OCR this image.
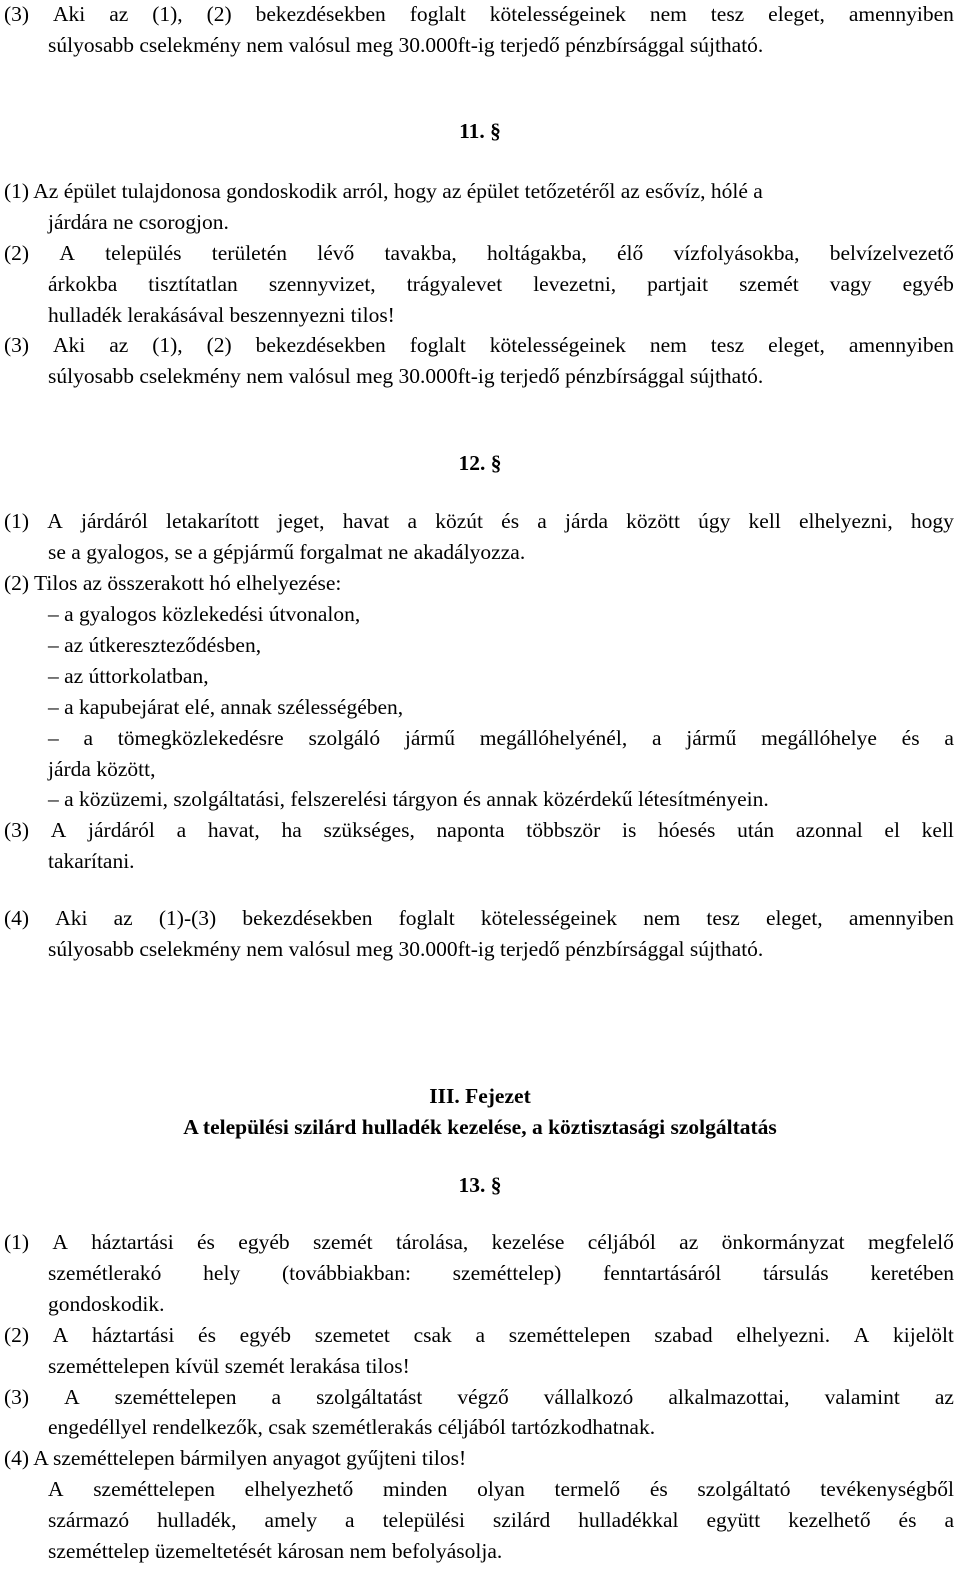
(3) Aki az (1), (2) bekezdésekben foglalt kötelességeinek nem tesz eleget, amennyiben
súlyosabb cselekmény nem valósul meg 30.000ft-ig terjedő pénzbírsággal sújtható.
11. §
(1) Az épület tulajdonosa gondoskodik arról, hogy az épület tetőzetéről az esővíz, hólé a
járdára ne csorogjon.
(2) A település területén lévő tavakba, holtágakba, élő vízfolyásokba, belvízelvezető
árkokba tisztítatlan szennyvizet, trágyalevet levezetni, partjait szemét vagy egyéb
hulladék lerakásával beszennyezni tilos!
(3) Aki az (1), (2) bekezdésekben foglalt kötelességeinek nem tesz eleget, amennyiben
súlyosabb cselekmény nem valósul meg 30.000ft-ig terjedő pénzbírsággal sújtható.
12. §
(1) A járdáról letakarított jeget, havat a közút és a járda között úgy kell elhelyezni, hogy
se a gyalogos, se a gépjármű forgalmat ne akadályozza.
(2) Tilos az összerakott hó elhelyezése:
– a gyalogos közlekedési útvonalon,
– az útkereszteződésben,
– az úttorkolatban,
– a kapubejárat elé, annak szélességében,
– a tömegközlekedésre szolgáló jármű megállóhelyénél, a jármű megállóhelye és a
járda között,
– a közüzemi, szolgáltatási, felszerelési tárgyon és annak közérdekű létesítményein.
(3) A járdáról a havat, ha szükséges, naponta többször is hóesés után azonnal el kell
takarítani.
(4) Aki az (1)-(3) bekezdésekben foglalt kötelességeinek nem tesz eleget, amennyiben
súlyosabb cselekmény nem valósul meg 30.000ft-ig terjedő pénzbírsággal sújtható.
III. Fejezet
A települési szilárd hulladék kezelése, a köztisztasági szolgáltatás
13. §
(1) A háztartási és egyéb szemét tárolása, kezelése céljából az önkormányzat megfelelő
szemétlerakó hely (továbbiakban: szeméttelep) fenntartásáról társulás keretében
gondoskodik.
(2) A háztartási és egyéb szemetet csak a szeméttelepen szabad elhelyezni. A kijelölt
szeméttelepen kívül szemét lerakása tilos!
(3) A szeméttelepen a szolgáltatást végző vállalkozó alkalmazottai, valamint az
engedéllyel rendelkezők, csak szemétlerakás céljából tartózkodhatnak.
(4) A szeméttelepen bármilyen anyagot gyűjteni tilos!
A szeméttelepen elhelyezhető minden olyan termelő és szolgáltató tevékenységből
származó hulladék, amely a települési szilárd hulladékkal együtt kezelhető és a
szeméttelep üzemeltetését károsan nem befolyásolja.
